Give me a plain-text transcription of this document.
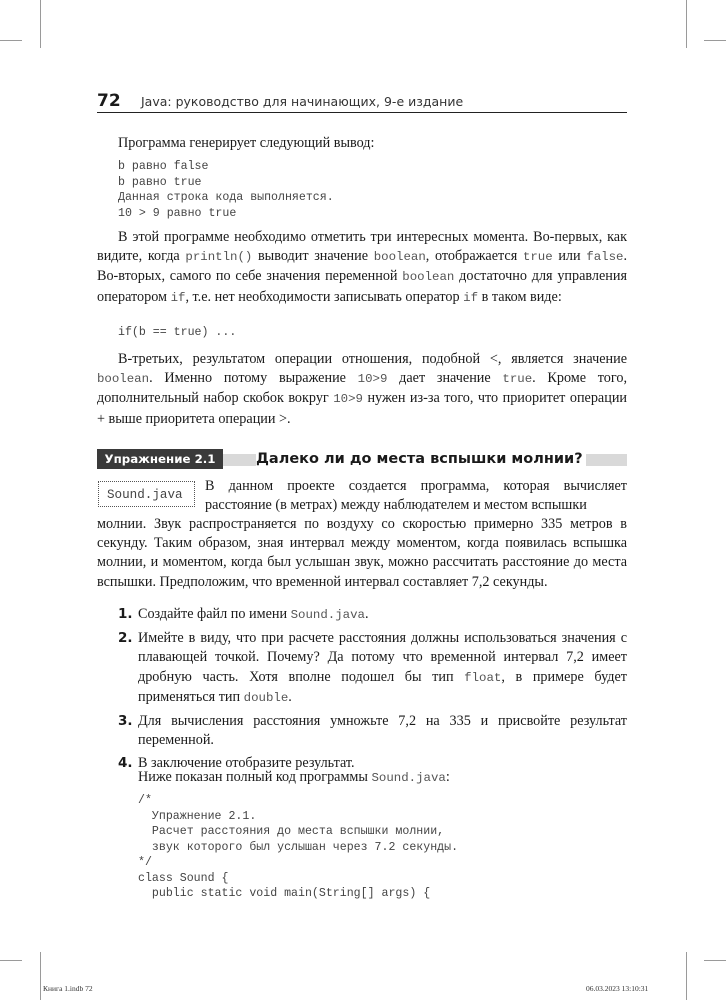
72 Java: руководство для начинающих, 9-е издание

Программа генерирует следующий вывод:

b равно false
b равно true
Данная строка кода выполняется.
10 > 9 равно true

В этой программе необходимо отметить три интересных момента. Во-первых, как видите, когда println() выводит значение boolean, отображается true или false. Во-вторых, самого по себе значения переменной boolean достаточно для управления оператором if, т.е. нет необходимости записывать оператор if в таком виде:

if(b == true) ...

В-третьих, результатом операции отношения, подобной <, является значение boolean. Именно потому выражение 10>9 дает значение true. Кроме того, дополнительный набор скобок вокруг 10>9 нужен из-за того, что приоритет операции + выше приоритета операции >.

Упражнение 2.1	Далеко ли до места вспышки молнии?
Sound.java

В данном проекте создается программа, которая вычисляет расстояние (в метрах) между наблюдателем и местом вспышки

молнии. Звук распространяется по воздуху со скоростью примерно 335 метров в секунду. Таким образом, зная интервал между моментом, когда появилась вспышка молнии, и моментом, когда был услышан звук, можно рассчитать расстояние до места вспышки. Предположим, что временной интервал составляет 7,2 секунды.

1. Создайте файл по имени Sound.java.
2. Имейте в виду, что при расчете расстояния должны использоваться значения с плавающей точкой. Почему? Да потому что временной интервал 7,2 имеет дробную часть. Хотя вполне подошел бы тип float, в примере будет применяться тип double.
3. Для вычисления расстояния умножьте 7,2 на 335 и присвойте результат переменной.
4. В заключение отобразите результат.

Ниже показан полный код программы Sound.java:

/*
Упражнение 2.1.
Расчет расстояния до места вспышки молнии,
звук которого был услышан через 7.2 секунды.
*/
class Sound {
public static void main(String[] args) {
Книга 1.indb 72	06.03.2023 13:10:31
